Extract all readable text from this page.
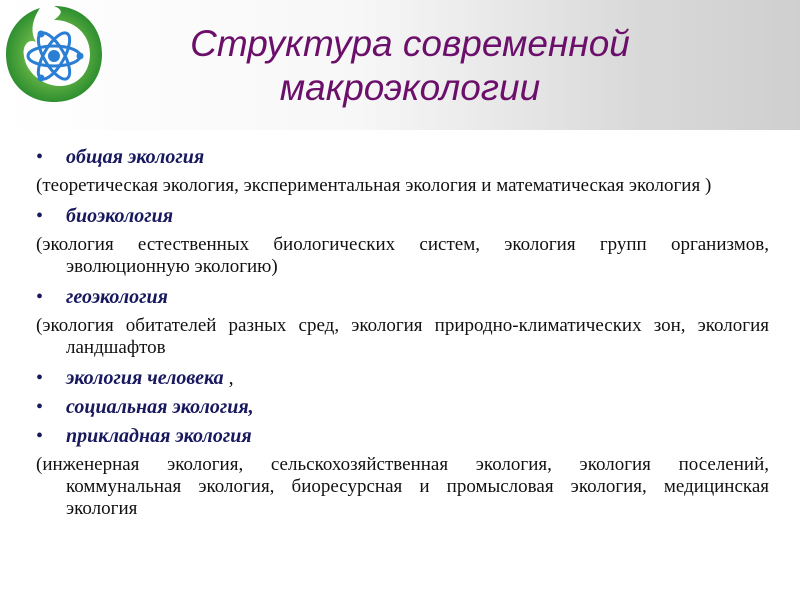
Структура современной
макроэкологии
• общая экология
(теоретическая экология, экспериментальная экология и математическая экология )
• биоэкология
(экология естественных биологических систем, экология групп организмов, эволюционную экологию)
• геоэкология
(экология обитателей разных сред, экология природно-климатических зон, экология ландшафтов
• экология человека ,
• социальная экология,
• прикладная экология
(инженерная экология, сельскохозяйственная экология, экология поселений, коммунальная экология, биоресурсная и промысловая экология, медицинская экология
